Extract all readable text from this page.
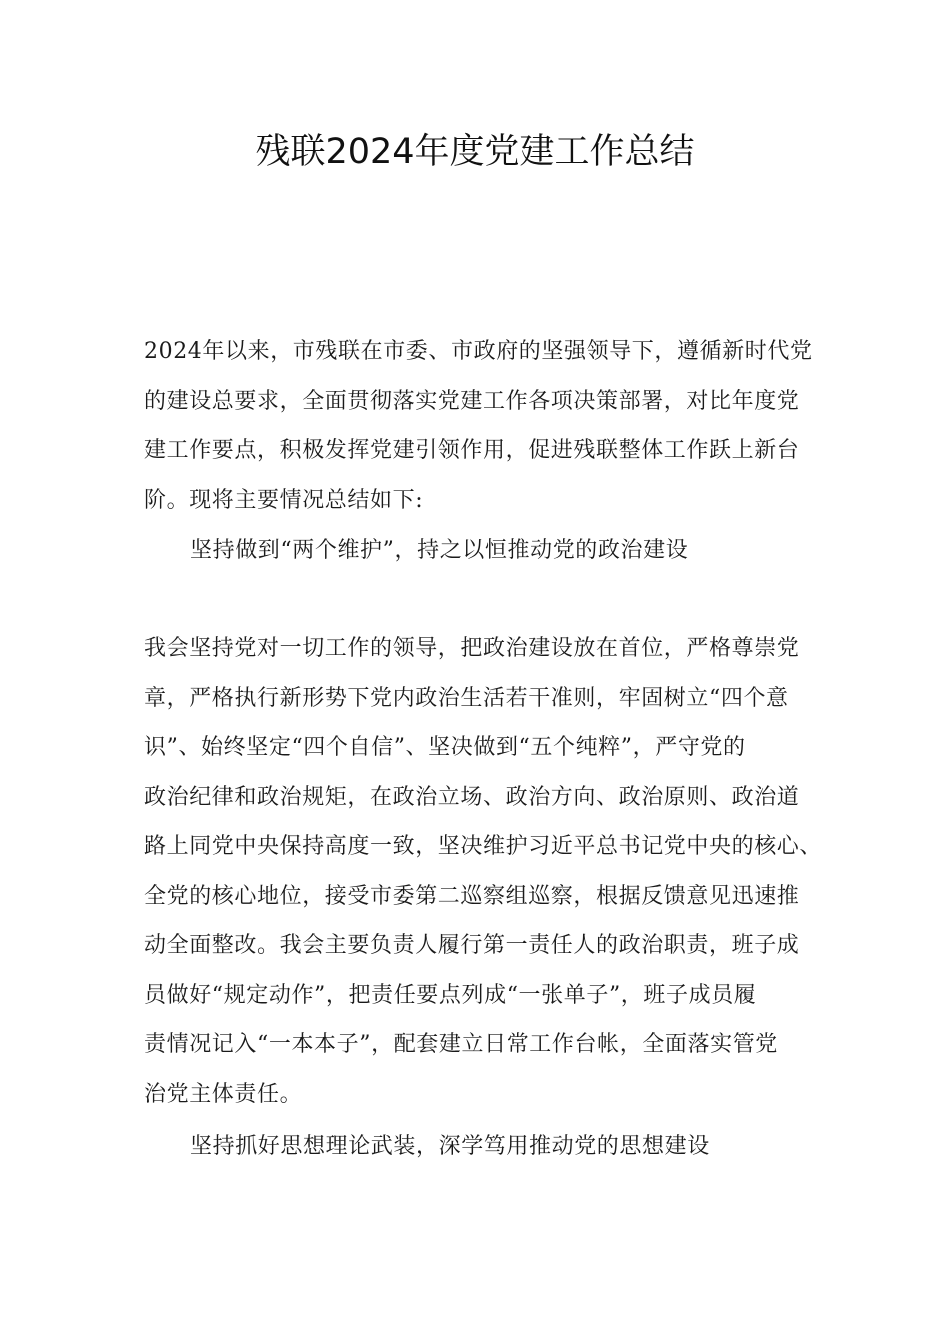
残联2024年度党建工作总结
2024年以来，市残联在市委、市政府的坚强领导下，遵循新时代党
的建设总要求，全面贯彻落实党建工作各项决策部署，对比年度党
建工作要点，积极发挥党建引领作用，促进残联整体工作跃上新台
阶。现将主要情况总结如下:
坚持做到“两个维护”，持之以恒推动党的政治建设
我会坚持党对一切工作的领导，把政治建设放在首位，严格尊崇党
章，严格执行新形势下党内政治生活若干准则，牢固树立“四个意
识”、始终坚定“四个自信”、坚决做到“五个纯粹”，严守党的
政治纪律和政治规矩，在政治立场、政治方向、政治原则、政治道
路上同党中央保持高度一致，坚决维护习近平总书记党中央的核心、
全党的核心地位，接受市委第二巡察组巡察，根据反馈意见迅速推
动全面整改。我会主要负责人履行第一责任人的政治职责，班子成
员做好“规定动作”，把责任要点列成“一张单子”，班子成员履
责情况记入“一本本子”，配套建立日常工作台帐，全面落实管党
治党主体责任。
坚持抓好思想理论武装，深学笃用推动党的思想建设
